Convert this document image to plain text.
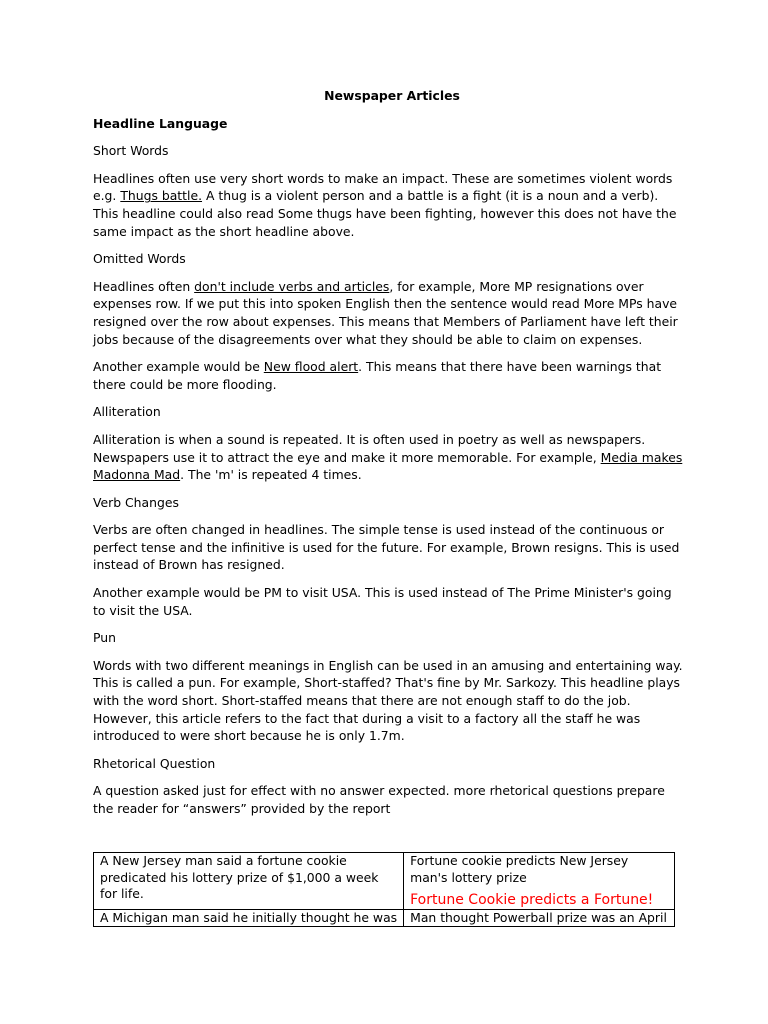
Newspaper Articles
Headline Language
Short Words

Headlines often use very short words to make an impact. These are sometimes violent words e.g. Thugs battle. A thug is a violent person and a battle is a fight (it is a noun and a verb). This headline could also read Some thugs have been fighting, however this does not have the same impact as the short headline above.

Omitted Words

Headlines often don't include verbs and articles, for example, More MP resignations over expenses row. If we put this into spoken English then the sentence would read More MPs have resigned over the row about expenses. This means that Members of Parliament have left their jobs because of the disagreements over what they should be able to claim on expenses.

Another example would be New flood alert. This means that there have been warnings that there could be more flooding.

Alliteration

Alliteration is when a sound is repeated. It is often used in poetry as well as newspapers. Newspapers use it to attract the eye and make it more memorable. For example, Media makes Madonna Mad. The 'm' is repeated 4 times.

Verb Changes

Verbs are often changed in headlines. The simple tense is used instead of the continuous or perfect tense and the infinitive is used for the future. For example, Brown resigns. This is used instead of Brown has resigned.

Another example would be PM to visit USA. This is used instead of The Prime Minister's going to visit the USA.

Pun

Words with two different meanings in English can be used in an amusing and entertaining way. This is called a pun. For example, Short-staffed? That's fine by Mr. Sarkozy. This headline plays with the word short. Short-staffed means that there are not enough staff to do the job. However, this article refers to the fact that during a visit to a factory all the staff he was introduced to were short because he is only 1.7m.

Rhetorical Question

A question asked just for effect with no answer expected. more rhetorical questions prepare the reader for “answers” provided by the report

A New Jersey man said a fortune cookie predicated his lottery prize of $1,000 a week for life.	Fortune cookie predicts New Jersey man's lottery prize
Fortune Cookie predicts a Fortune!

A Michigan man said he initially thought he was	Man thought Powerball prize was an April
